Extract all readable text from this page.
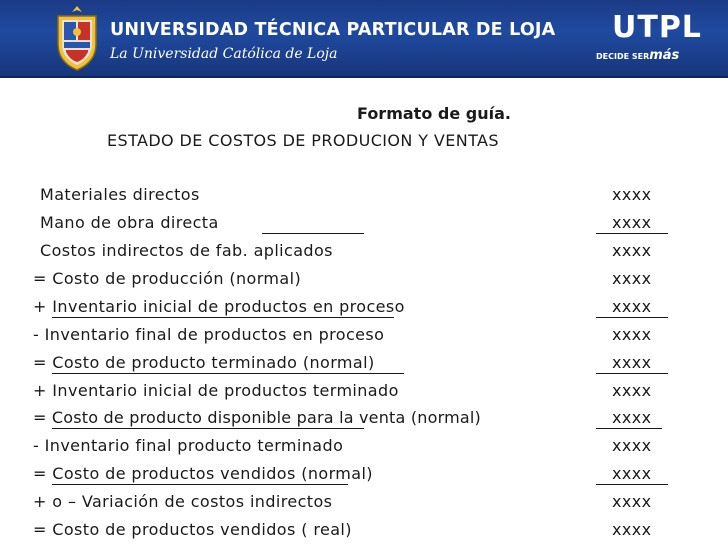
UNIVERSIDAD TÉCNICA PARTICULAR DE LOJA
La Universidad Católica de Loja
UTPL
DECIDE SERmás
Formato de guía.
ESTADO DE COSTOS DE PRODUCION Y VENTAS
Materiales directos	xxxx
Mano de obra directa	xxxx
Costos indirectos de fab. aplicados	xxxx
= Costo de producción (normal)	xxxx
+ Inventario inicial de productos en proceso	xxxx
- Inventario final de productos en proceso	xxxx
= Costo de producto terminado (normal)	xxxx
+ Inventario inicial de productos terminado	xxxx
= Costo de producto disponible para la venta (normal)	xxxx
- Inventario final producto terminado	xxxx
= Costo de productos vendidos (normal)	xxxx
+ o – Variación de costos indirectos	xxxx
= Costo de productos vendidos ( real)	xxxx
